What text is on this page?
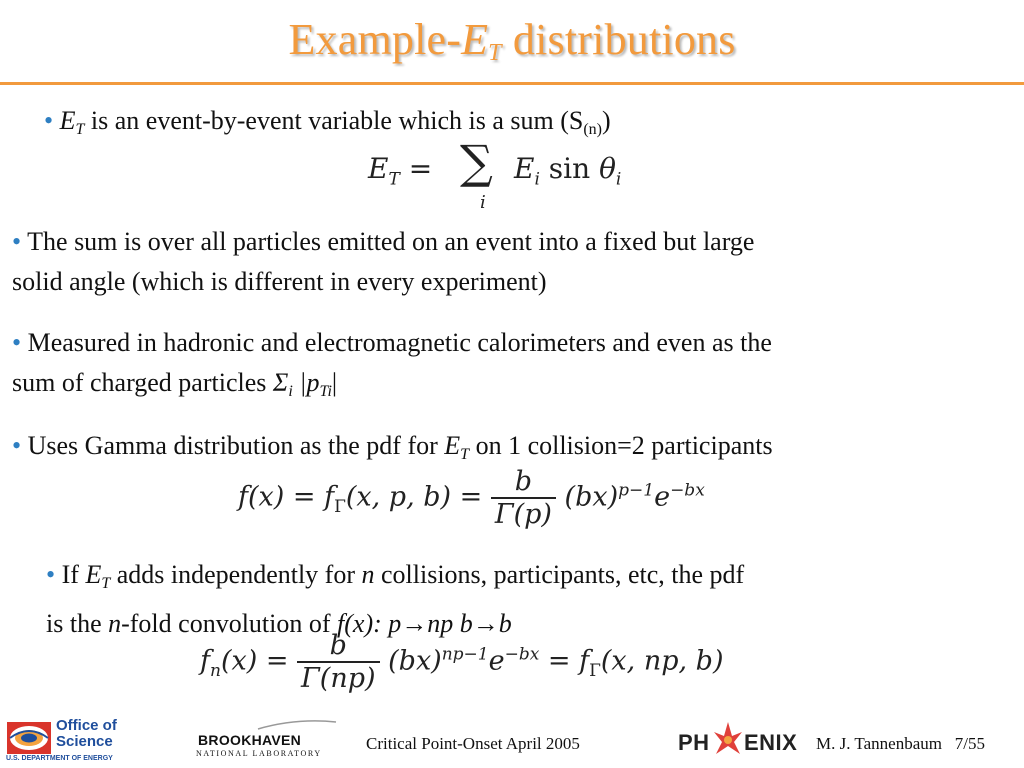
Example-$E_T$ distributions
• $E_T$ is an event-by-event variable which is a sum $(S_{(n)})$
$E_T$ = ∑
i
$E_i$ $\sin \theta_i$
• The sum is over all particles emitted on an event into a fixed but large
solid angle (which is different in every experiment)
• Measured in hadronic and electromagnetic calorimeters and even as the
sum of charged particles $\Sigma_i$ $|p_{Ti}|$
• Uses Gamma distribution as the pdf for $E_T$ on 1 collision=2 participants
$f(x) = f_\Gamma(x$, p, $b) = \frac{b}{\Gamma(p)} (bx)^{p-1}e^{-bx}$
• If $E_T$ adds independently for n collisions, participants, etc, the pdf
is the n-fold convolution of f(x): p→np b→b
$f_n(x) = \frac{b}{\Gamma(np)} (bx)^{np-1}e^{-bx} = f_\Gamma(x$, np, b)
Office of
Science
U.S. DEPARTMENT OF ENERGY
BROOKHAVEN
NATIONAL LABORATORY
Critical Point-Onset April 2005	PH ENIX M. J. Tannenbaum   7/55
